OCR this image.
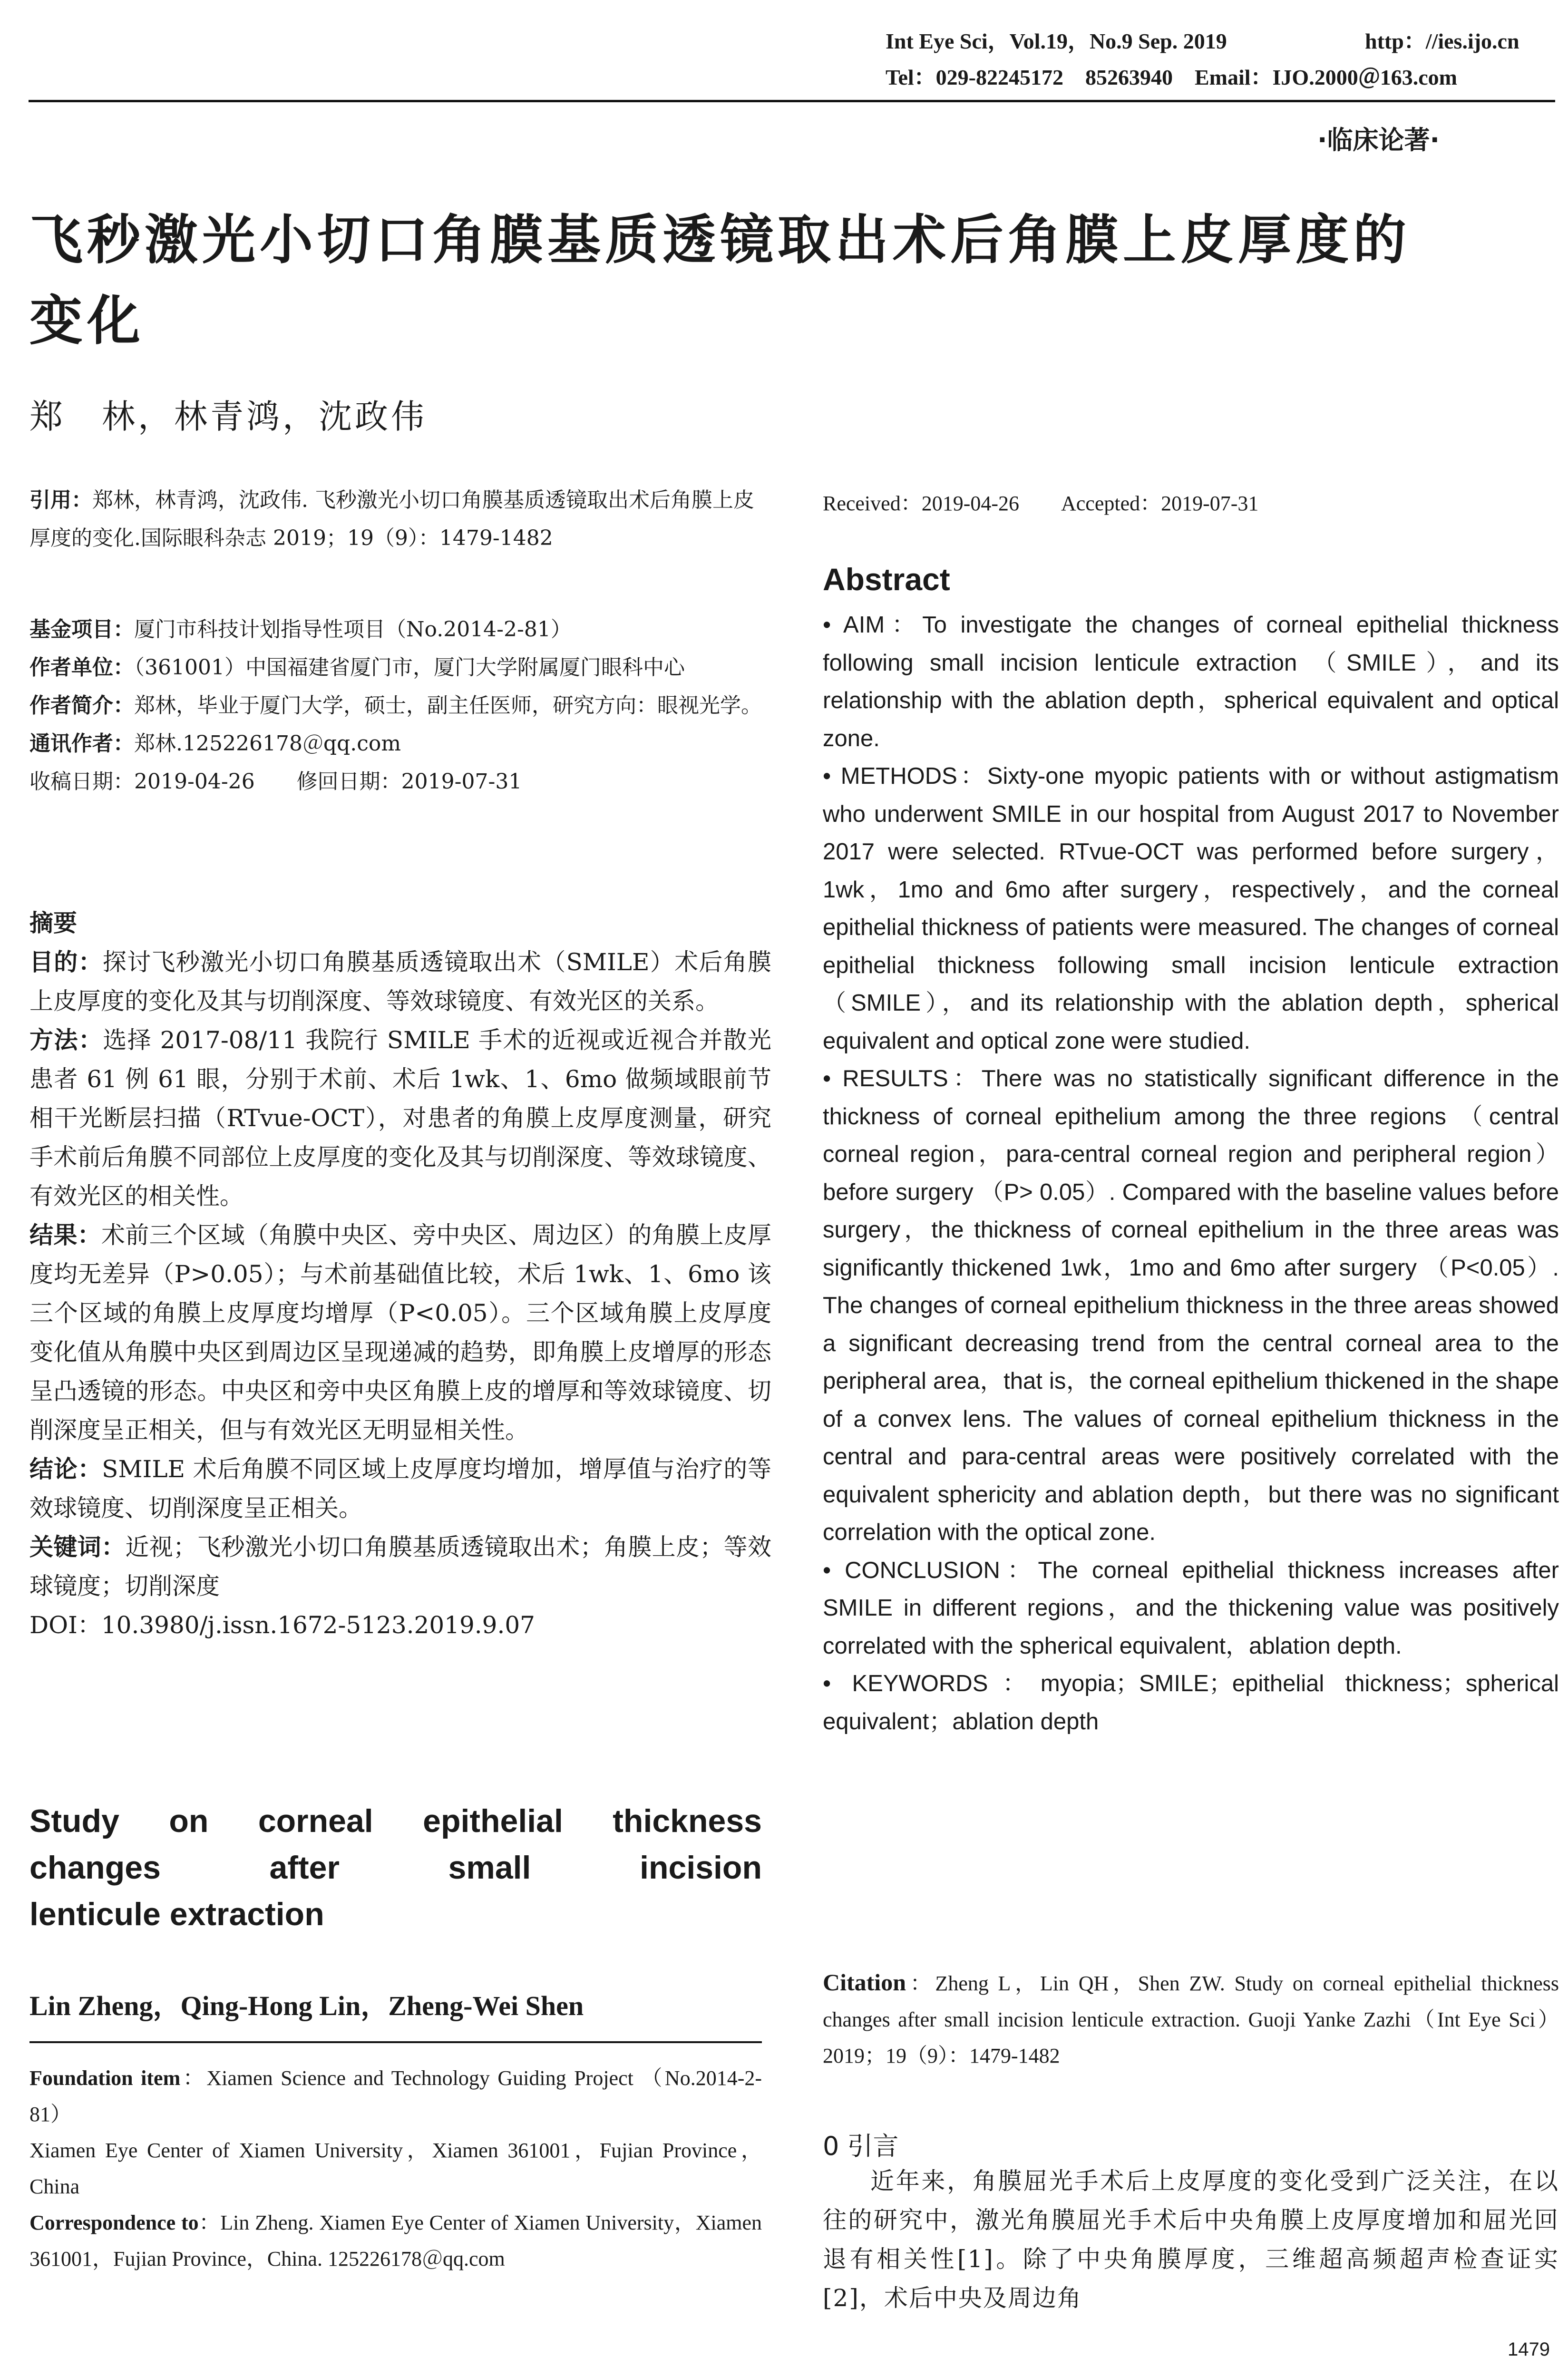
Int Eye Sci，Vol.19，No.9 Sep. 2019	http：//ies.ijo.cn
Tel：029-82245172　85263940　Email：IJO.2000＠163.com
·临床论著·
飞秒激光小切口角膜基质透镜取出术后角膜上皮厚度的
变化
郑　林，林青鸿，沈政伟

引用：郑林，林青鸿，沈政伟. 飞秒激光小切口角膜基质透镜取出术后角膜上皮厚度的变化.国际眼科杂志 2019；19（9）：1479-1482

基金项目：厦门市科技计划指导性项目（No.2014-2-81）

作者单位：（361001）中国福建省厦门市，厦门大学附属厦门眼科中心

作者简介：郑林，毕业于厦门大学，硕士，副主任医师，研究方向：眼视光学。

通讯作者：郑林.125226178＠qq.com

收稿日期：2019-04-26　　修回日期：2019-07-31

摘要

目的：探讨飞秒激光小切口角膜基质透镜取出术（SMILE）术后角膜上皮厚度的变化及其与切削深度、等效球镜度、有效光区的关系。

方法：选择 2017-08/11 我院行 SMILE 手术的近视或近视合并散光患者 61 例 61 眼，分别于术前、术后 1wk、1、6mo 做频域眼前节相干光断层扫描（RTvue-OCT），对患者的角膜上皮厚度测量，研究手术前后角膜不同部位上皮厚度的变化及其与切削深度、等效球镜度、有效光区的相关性。

结果：术前三个区域（角膜中央区、旁中央区、周边区）的角膜上皮厚度均无差异（P>0.05）；与术前基础值比较，术后 1wk、1、6mo 该三个区域的角膜上皮厚度均增厚（P<0.05）。三个区域角膜上皮厚度变化值从角膜中央区到周边区呈现递减的趋势，即角膜上皮增厚的形态呈凸透镜的形态。中央区和旁中央区角膜上皮的增厚和等效球镜度、切削深度呈正相关，但与有效光区无明显相关性。

结论：SMILE 术后角膜不同区域上皮厚度均增加，增厚值与治疗的等效球镜度、切削深度呈正相关。

关键词：近视；飞秒激光小切口角膜基质透镜取出术；角膜上皮；等效球镜度；切削深度

DOI：10.3980/j.issn.1672-5123.2019.9.07

Study on corneal epithelial thickness
changes after small incision
lenticule extraction
Lin Zheng，Qing-Hong Lin，Zheng-Wei Shen
Foundation item：Xiamen Science and Technology Guiding Project （No.2014-2-81）
Xiamen Eye Center of Xiamen University，Xiamen 361001，Fujian Province，China
Correspondence to：Lin Zheng. Xiamen Eye Center of Xiamen University，Xiamen 361001，Fujian Province，China. 125226178＠qq.com
Received：2019-04-26　　Accepted：2019-07-31
Abstract

• AIM：To investigate the changes of corneal epithelial thickness following small incision lenticule extraction （SMILE），and its relationship with the ablation depth，spherical equivalent and optical zone.

• METHODS：Sixty-one myopic patients with or without astigmatism who underwent SMILE in our hospital from August 2017 to November 2017 were selected. RTvue-OCT was performed before surgery，1wk，1mo and 6mo after surgery，respectively，and the corneal epithelial thickness of patients were measured. The changes of corneal epithelial thickness following small incision lenticule extraction （SMILE），and its relationship with the ablation depth，spherical equivalent and optical zone were studied.

• RESULTS：There was no statistically significant difference in the thickness of corneal epithelium among the three regions （central corneal region，para-central corneal region and peripheral region） before surgery （P> 0.05）. Compared with the baseline values before surgery，the thickness of corneal epithelium in the three areas was significantly thickened 1wk，1mo and 6mo after surgery （P<0.05）. The changes of corneal epithelium thickness in the three areas showed a significant decreasing trend from the central corneal area to the peripheral area，that is，the corneal epithelium thickened in the shape of a convex lens. The values of corneal epithelium thickness in the central and para-central areas were positively correlated with the equivalent sphericity and ablation depth，but there was no significant correlation with the optical zone.

• CONCLUSION：The corneal epithelial thickness increases after SMILE in different regions，and the thickening value was positively correlated with the spherical equivalent，ablation depth.

• KEYWORDS：myopia；SMILE；epithelial thickness；spherical equivalent；ablation depth

Citation：Zheng L，Lin QH，Shen ZW. Study on corneal epithelial thickness changes after small incision lenticule extraction. Guoji Yanke Zazhi（Int Eye Sci） 2019；19（9）：1479-1482
0 引言

近年来，角膜屈光手术后上皮厚度的变化受到广泛关注，在以往的研究中，激光角膜屈光手术后中央角膜上皮厚度增加和屈光回退有相关性[1]。除了中央角膜厚度，三维超高频超声检查证实[2]，术后中央及周边角

1479
